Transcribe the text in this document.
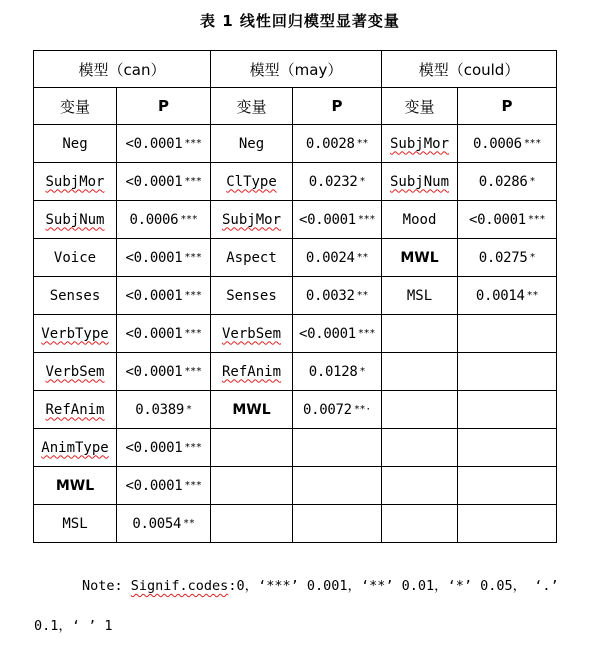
表 1 线性回归模型显著变量
模型（can）		模型（may）		模型（could）	
变量	P	变量	P	变量	P
Neg	<0.0001 ***	Neg	0.0028 **	SubjMor	0.0006 ***
SubjMor	<0.0001 ***	ClType	0.0232 *	SubjNum	0.0286 *
SubjNum	0.0006 ***	SubjMor	<0.0001 ***	Mood	<0.0001 ***
Voice	<0.0001 ***	Aspect	0.0024 **	MWL	0.0275 *
Senses	<0.0001 ***	Senses	0.0032 **	MSL	0.0014 **
VerbType	<0.0001 ***	VerbSem	<0.0001 ***		
VerbSem	<0.0001 ***	RefAnim	0.0128 *		
RefAnim	0.0389 *	MWL	0.0072 **·		
AnimType	<0.0001 ***				
MWL	<0.0001 ***				
MSL	0.0054 **				
Note: Signif.codes:0，‘***’ 0.001，‘**’ 0.01，‘*’ 0.05， ‘.’ 0.1，‘ ’ 1
